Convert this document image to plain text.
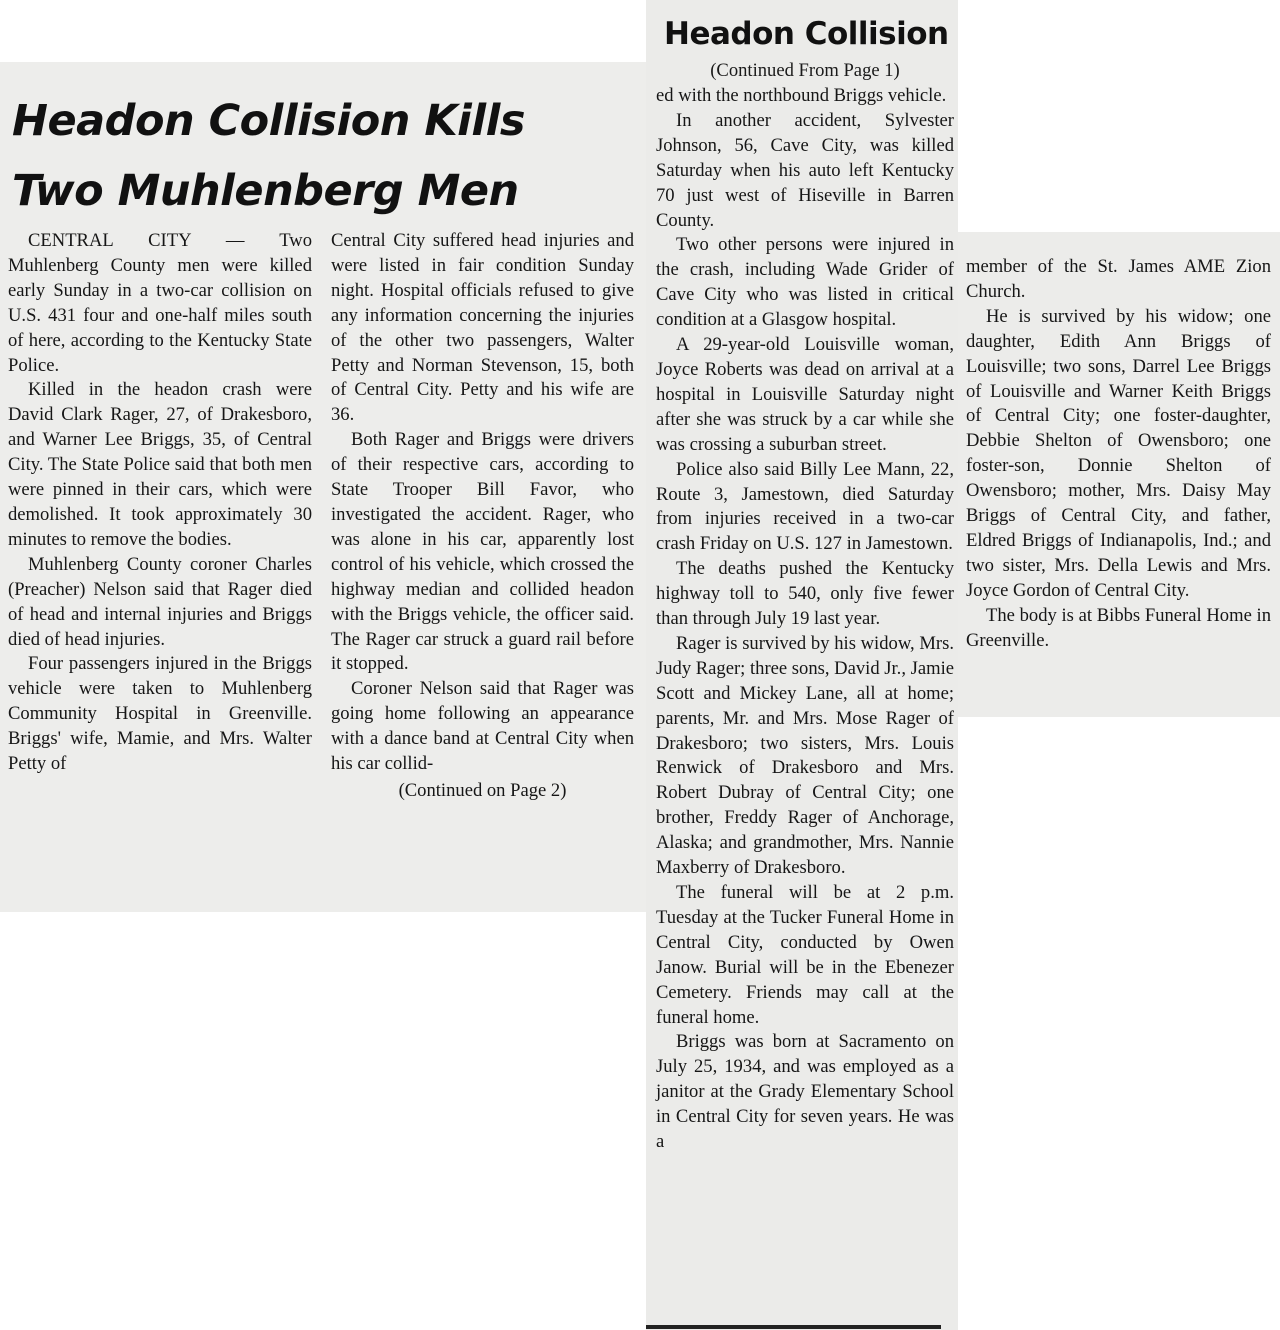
Headon Collision Kills
Two Muhlenberg Men

CENTRAL CITY — Two Muhlenberg County men were killed early Sunday in a two-car collision on U.S. 431 four and one-half miles south of here, according to the Kentucky State Police.

Killed in the headon crash were David Clark Rager, 27, of Drakesboro, and Warner Lee Briggs, 35, of Central City. The State Police said that both men were pinned in their cars, which were demolished. It took approximately 30 minutes to remove the bodies.

Muhlenberg County coroner Charles (Preacher) Nelson said that Rager died of head and internal injuries and Briggs died of head injuries.

Four passengers injured in the Briggs vehicle were taken to Muhlenberg Community Hospital in Greenville. Briggs' wife, Mamie, and Mrs. Walter Petty of

Central City suffered head injuries and were listed in fair condition Sunday night. Hospital officials refused to give any information concerning the injuries of the other two passengers, Walter Petty and Norman Stevenson, 15, both of Central City. Petty and his wife are 36.

Both Rager and Briggs were drivers of their respective cars, according to State Trooper Bill Favor, who investigated the accident. Rager, who was alone in his car, apparently lost control of his vehicle, which crossed the highway median and collided headon with the Briggs vehicle, the officer said. The Rager car struck a guard rail before it stopped.

Coroner Nelson said that Rager was going home following an appearance with a dance band at Central City when his car collid-

(Continued on Page 2)

Headon Collision
(Continued From Page 1)

ed with the northbound Briggs vehicle.

In another accident, Sylvester Johnson, 56, Cave City, was killed Saturday when his auto left Kentucky 70 just west of Hiseville in Barren County.

Two other persons were injured in the crash, including Wade Grider of Cave City who was listed in critical condition at a Glasgow hospital.

A 29-year-old Louisville woman, Joyce Roberts was dead on arrival at a hospital in Louisville Saturday night after she was struck by a car while she was crossing a suburban street.

Police also said Billy Lee Mann, 22, Route 3, Jamestown, died Saturday from injuries received in a two-car crash Friday on U.S. 127 in Jamestown.

The deaths pushed the Kentucky highway toll to 540, only five fewer than through July 19 last year.

Rager is survived by his widow, Mrs. Judy Rager; three sons, David Jr., Jamie Scott and Mickey Lane, all at home; parents, Mr. and Mrs. Mose Rager of Drakesboro; two sisters, Mrs. Louis Renwick of Drakesboro and Mrs. Robert Dubray of Central City; one brother, Freddy Rager of Anchorage, Alaska; and grandmother, Mrs. Nannie Maxberry of Drakesboro.

The funeral will be at 2 p.m. Tuesday at the Tucker Funeral Home in Central City, conducted by Owen Janow. Burial will be in the Ebenezer Cemetery. Friends may call at the funeral home.

Briggs was born at Sacramento on July 25, 1934, and was employed as a janitor at the Grady Elementary School in Central City for seven years. He was a

member of the St. James AME Zion Church.

He is survived by his widow; one daughter, Edith Ann Briggs of Louisville; two sons, Darrel Lee Briggs of Louisville and Warner Keith Briggs of Central City; one foster-daughter, Debbie Shelton of Owensboro; one foster-son, Donnie Shelton of Owensboro; mother, Mrs. Daisy May Briggs of Central City, and father, Eldred Briggs of Indianapolis, Ind.; and two sister, Mrs. Della Lewis and Mrs. Joyce Gordon of Central City.

The body is at Bibbs Funeral Home in Greenville.
